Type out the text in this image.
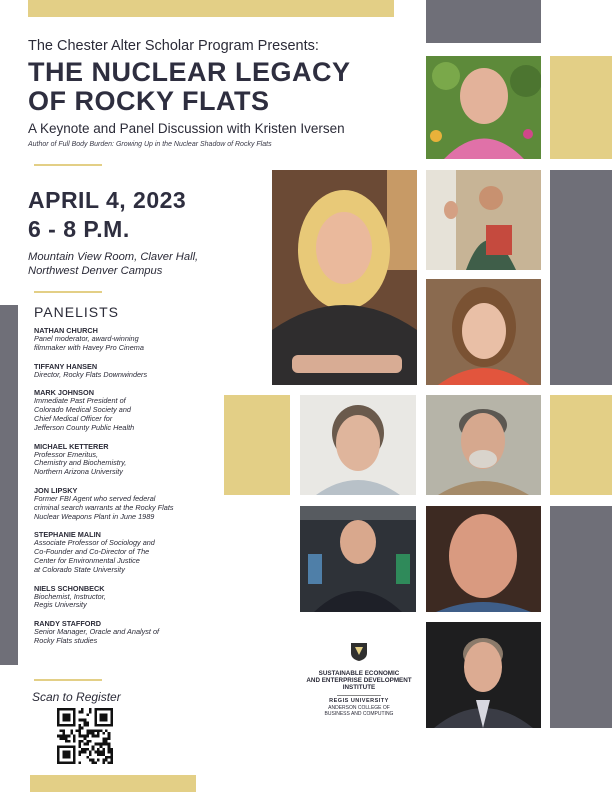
The Chester Alter Scholar Program Presents:
THE NUCLEAR LEGACY
OF ROCKY FLATS
A Keynote and Panel Discussion with Kristen Iversen
Author of Full Body Burden: Growing Up in the Nuclear Shadow of Rocky Flats
APRIL 4, 2023
6 - 8 P.M.
Mountain View Room, Claver Hall,
Northwest Denver Campus
PANELISTS
NATHAN CHURCH
Panel moderator, award-winning
filmmaker with Havey Pro Cinema
TIFFANY HANSEN
Director, Rocky Flats Downwinders
MARK JOHNSON
Immediate Past President of
Colorado Medical Society and
Chief Medical Officer for
Jefferson County Public Health
MICHAEL KETTERER
Professor Emeritus,
Chemistry and Biochemistry,
Northern Arizona University
JON LIPSKY
Former FBI Agent who served federal
criminal search warrants at the Rocky Flats
Nuclear Weapons Plant in June 1989
STEPHANIE MALIN
Associate Professor of Sociology and
Co-Founder and Co-Director of The
Center for Environmental Justice
at Colorado State University
NIELS SCHONBECK
Biochemist, Instructor,
Regis University
RANDY STAFFORD
Senior Manager, Oracle and Analyst of
Rocky Flats studies
Scan to Register
SUSTAINABLE ECONOMIC
AND ENTERPRISE DEVELOPMENT
INSTITUTE
REGIS UNIVERSITY
ANDERSON COLLEGE OF
BUSINESS AND COMPUTING
